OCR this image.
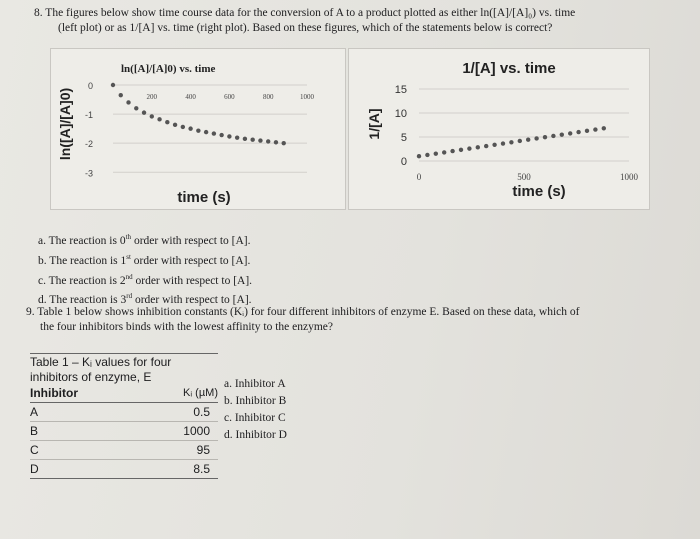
8. The figures below show time course data for the conversion of A to a product plotted as either ln([A]/[A]₀) vs. time
(left plot) or as 1/[A] vs. time (right plot). Based on these figures, which of the statements below is correct?
ln([A]/[A]0) vs. time
ln([A]/[A]0)
time (s)
0
-1
-2
-3
200	400	600	800	1000
1/[A] vs. time
1/[A]
time (s)
15
10
5
0
0	500	1000
a. The reaction is 0th order with respect to [A].
b. The reaction is 1st order with respect to [A].
c. The reaction is 2nd order with respect to [A].
d. The reaction is 3rd order with respect to [A].
9. Table 1 below shows inhibition constants (Kᵢ) for four different inhibitors of enzyme E. Based on these data, which of
the four inhibitors binds with the lowest affinity to the enzyme?
Table 1 – Kᵢ values for four
inhibitors of enzyme, E
Inhibitor	Kᵢ (µM)
A	0.5
B	1000
C	95
D	8.5
a. Inhibitor A
b. Inhibitor B
c. Inhibitor C
d. Inhibitor D
